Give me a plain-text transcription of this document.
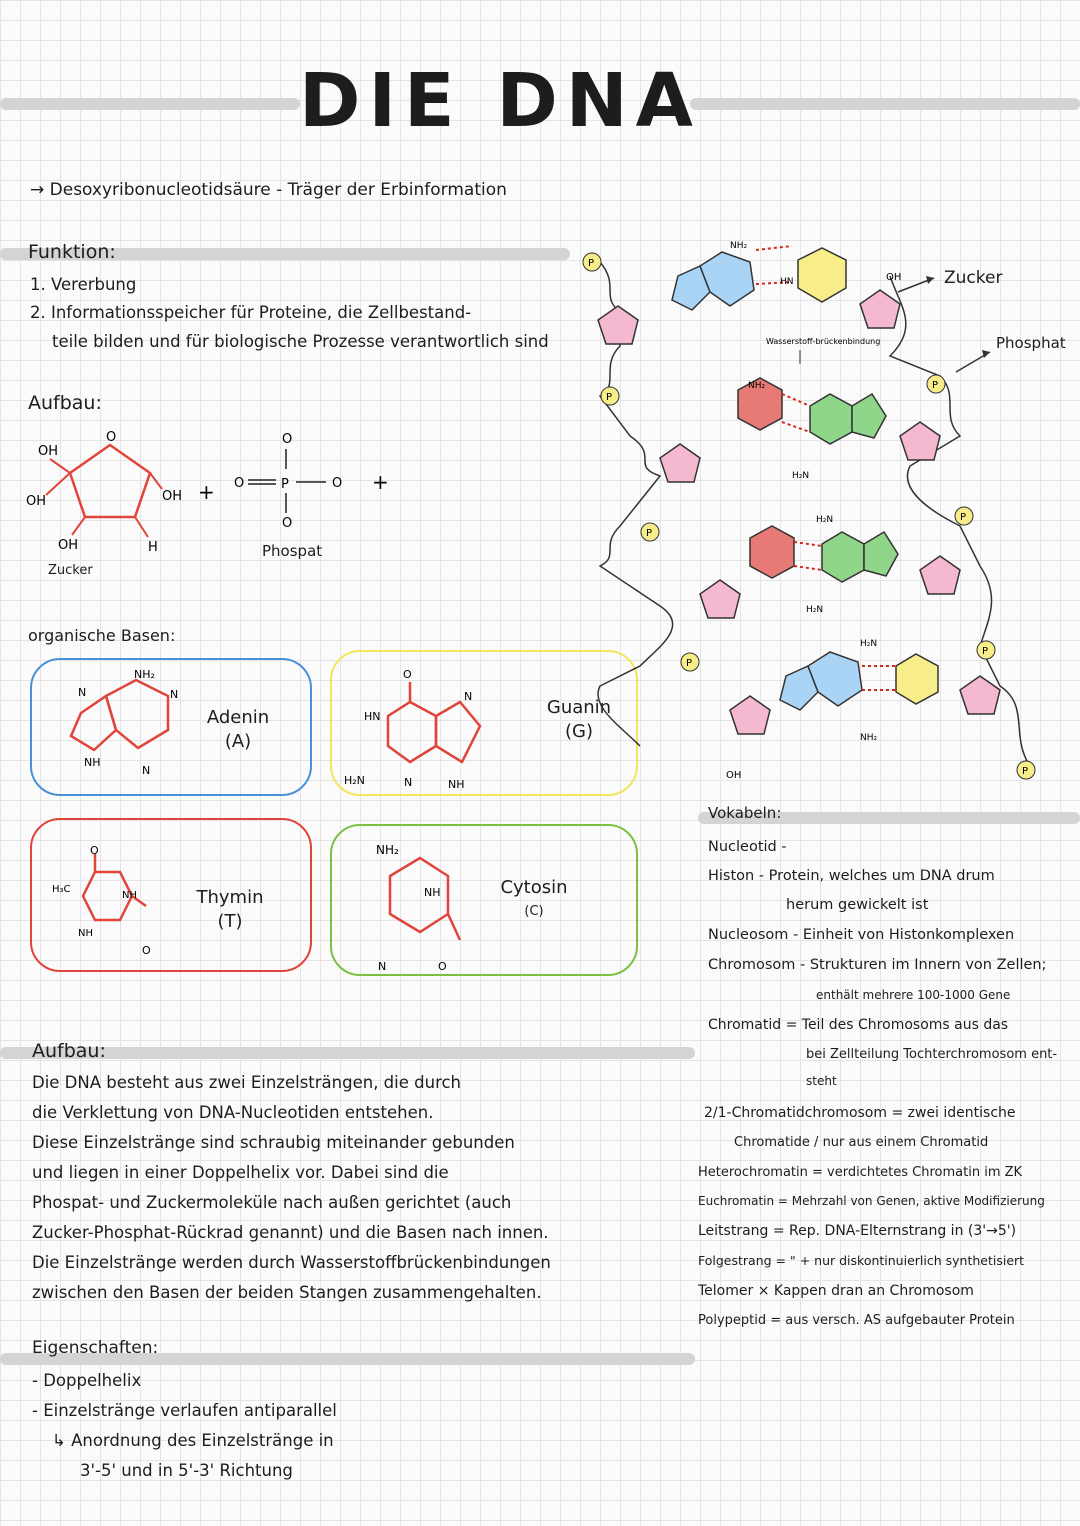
DIE DNA
→ Desoxyribonucleotidsäure - Träger der Erbinformation
Funktion:
1. Vererbung
2. Informationsspeicher für Proteine, die Zellbestand-
teile bilden und für biologische Prozesse verantwortlich sind
Aufbau:
OH
OH
OH
OH
H
O
+
O
O	P	O
O
+
Zucker
Phospat
organische Basen:
N
NH₂
N
NH
N
Adenin
(A)
O
HN
N
H₂N	N	NH
Guanin
(G)
O
H₃C
NH
NH
O
Thymin
(T)
NH₂
NH
N	O
Cytosin
(C)
P
P
P
P
P
P
P
P
NH₂
HN
Wasserstoff-brückenbindung
NH₂
H₂N
H₂N
H₂N
H₂N
NH₂
OH
OH
Zucker
Phosphat
Vokabeln:
Nucleotid -
Histon - Protein, welches um DNA drum
herum gewickelt ist
Nucleosom - Einheit von Histonkomplexen
Chromosom - Strukturen im Innern von Zellen;
enthält mehrere 100-1000 Gene
Chromatid = Teil des Chromosoms aus das
bei Zellteilung Tochterchromosom ent-
steht
2/1-Chromatidchromosom = zwei identische
Chromatide / nur aus einem Chromatid
Heterochromatin = verdichtetes Chromatin im ZK
Euchromatin = Mehrzahl von Genen, aktive Modifizierung
Leitstrang = Rep. DNA-Elternstrang in (3'→5')
Folgestrang = " + nur diskontinuierlich synthetisiert
Telomer × Kappen dran an Chromosom
Polypeptid = aus versch. AS aufgebauter Protein
Aufbau:
Die DNA besteht aus zwei Einzelsträngen, die durch
die Verklettung von DNA-Nucleotiden entstehen.
Diese Einzelstränge sind schraubig miteinander gebunden
und liegen in einer Doppelhelix vor. Dabei sind die
Phospat- und Zuckermoleküle nach außen gerichtet (auch
Zucker-Phosphat-Rückrad genannt) und die Basen nach innen.
Die Einzelstränge werden durch Wasserstoffbrückenbindungen
zwischen den Basen der beiden Stangen zusammengehalten.
Eigenschaften:
- Doppelhelix
- Einzelstränge verlaufen antiparallel
↳ Anordnung des Einzelstränge in
3'-5' und in 5'-3' Richtung
